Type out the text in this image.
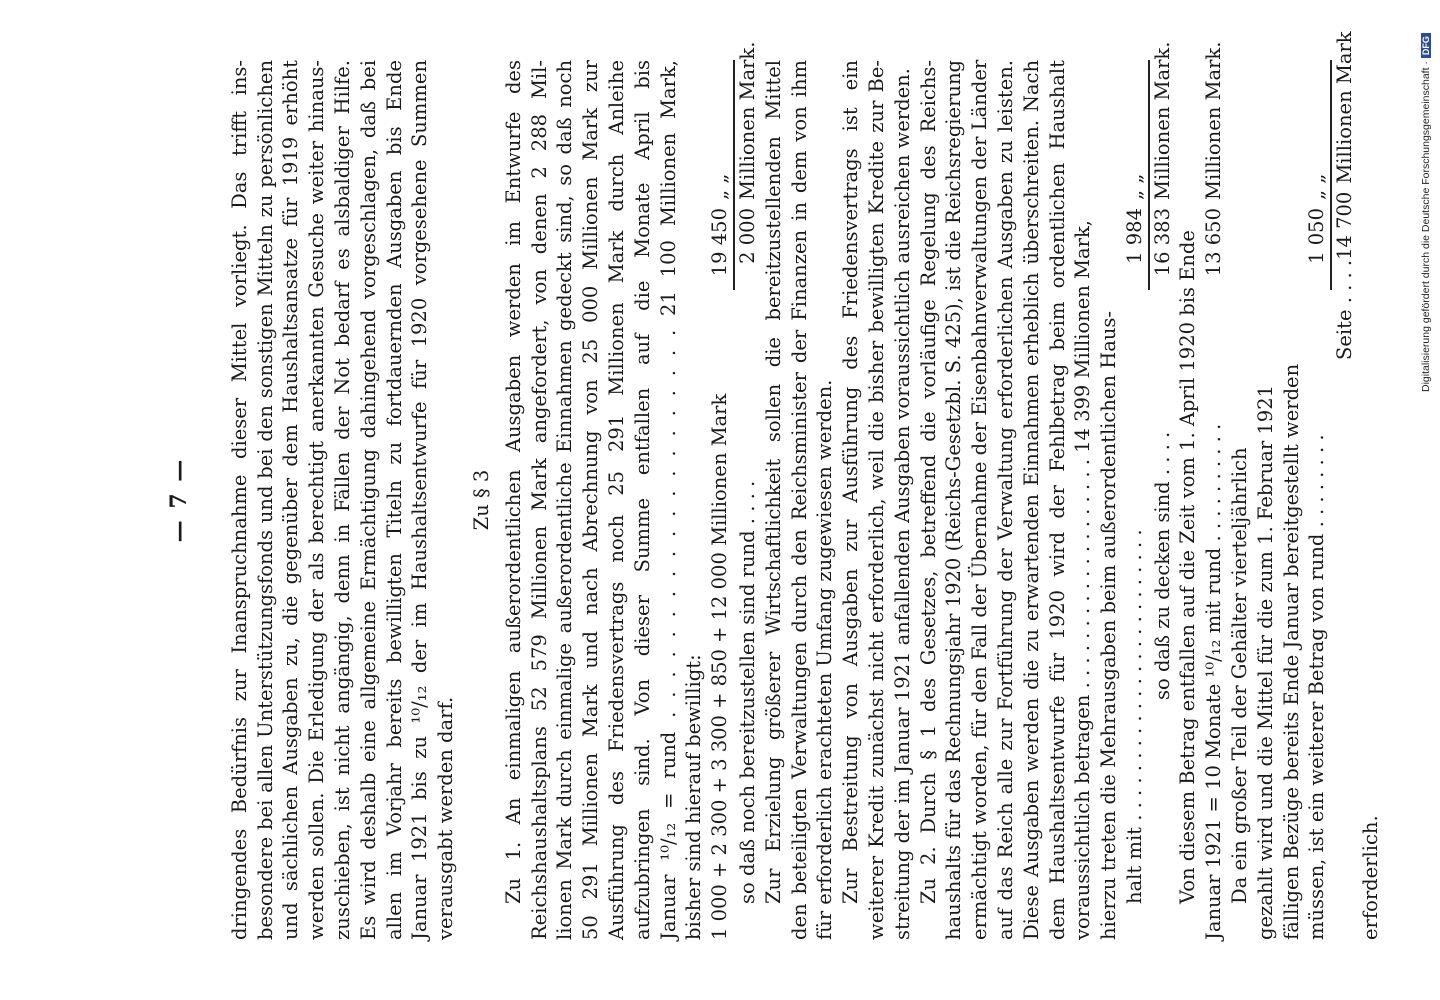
— 7 — dringendes Bedürfnis zur Inanspruchnahme dieser Mittel vorliegt. Das trifft ins- besondere bei allen Unterstützungsfonds und bei den sonstigen Mitteln zu persönlichen und sächlichen Ausgaben zu, die gegenüber dem Haushaltsansatze für 1919 erhöht werden sollen. Die Erledigung der als berechtigt anerkannten Gesuche weiter hinaus- zuschieben, ist nicht angängig, denn in Fällen der Not bedarf es alsbaldiger Hilfe. Es wird deshalb eine allgemeine Ermächtigung dahingehend vorgeschlagen, daß bei allen im Vorjahr bereits bewilligten Titeln zu fortdauernden Ausgaben bis Ende Januar 1921 bis zu ¹⁰/₁₂ der im Haushaltsentwurfe für 1920 vorgesehene Summen verausgabt werden darf.
Zu § 3 Zu 1. An einmaligen außerordentlichen Ausgaben werden im Entwurfe des Reichshaushaltsplans 52 579 Millionen Mark angefordert, von denen 2 288 Mil- lionen Mark durch einmalige außerordentliche Einnahmen gedeckt sind, so daß noch 50 291 Millionen Mark und nach Abrechnung von 25 000 Millionen Mark zur Ausführung des Friedensvertrags noch 25 291 Millionen Mark durch Anleihe aufzubringen sind. Von dieser Summe entfallen auf die Monate April bis Januar ¹⁰/₁₂ = rund . . . . . . . . . . . . . . . . . . . . 21 100 Millionen Mark, bisher sind hierauf bewilligt: 1 000 + 2 300 + 3 300 + 850 + 12 000 Millionen Mark
19 450
„ „
so daß noch bereitzustellen sind rund . . . .
2 000
Millionen Mark. Zur Erzielung größerer Wirtschaftlichkeit sollen die bereitzustellenden Mittel den beteiligten Verwaltungen durch den Reichsminister der Finanzen in dem von ihm für erforderlich erachteten Umfang zugewiesen werden. Zur Bestreitung von Ausgaben zur Ausführung des Friedensvertrags ist ein weiterer Kredit zunächst nicht erforderlich, weil die bisher bewilligten Kredite zur Be- streitung der im Januar 1921 anfallenden Ausgaben voraussichtlich ausreichen werden. Zu 2. Durch § 1 des Gesetzes, betreffend die vorläufige Regelung des Reichs- haushalts für das Rechnungsjahr 1920 (Reichs-Gesetzbl. S. 425), ist die Reichsregierung ermächtigt worden, für den Fall der Übernahme der Eisenbahnverwaltungen der Länder auf das Reich alle zur Fortführung der Verwaltung erforderlichen Ausgaben zu leisten. Diese Ausgaben werden die zu erwartenden Einnahmen erheblich überschreiten. Nach dem Haushaltsentwurfe für 1920 wird der Fehlbetrag beim ordentlichen Haushalt voraussichtlich betragen . . . . . . . . . . . . . . . . . . . 14 399 Millionen Mark, hierzu treten die Mehrausgaben beim außerordentlichen Haus- halt mit . . . . . . . . . . . . . . . . . . . . . . . .
1 984
„ „
so daß zu decken sind . . . .
16 383
Millionen Mark.
Von diesem Betrag entfallen auf die Zeit vom 1. April 1920 bis Ende Januar 1921 = 10 Monate ¹⁰/₁₂ mit rund . . . . . . . . . .
13 650
Millionen Mark.
Da ein großer Teil der Gehälter vierteljährlich gezahlt wird und die Mittel für die zum 1. Februar 1921 fälligen Bezüge bereits Ende Januar bereitgestellt werden müssen, ist ein weiterer Betrag von rund . . . . . . . .
1 050
„ „
Seite . . . .
14 700
Millionen Mark
erforderlich.
Digitalisierung gefördert durch die Deutsche Forschungsgemeinschaft ·DFG
